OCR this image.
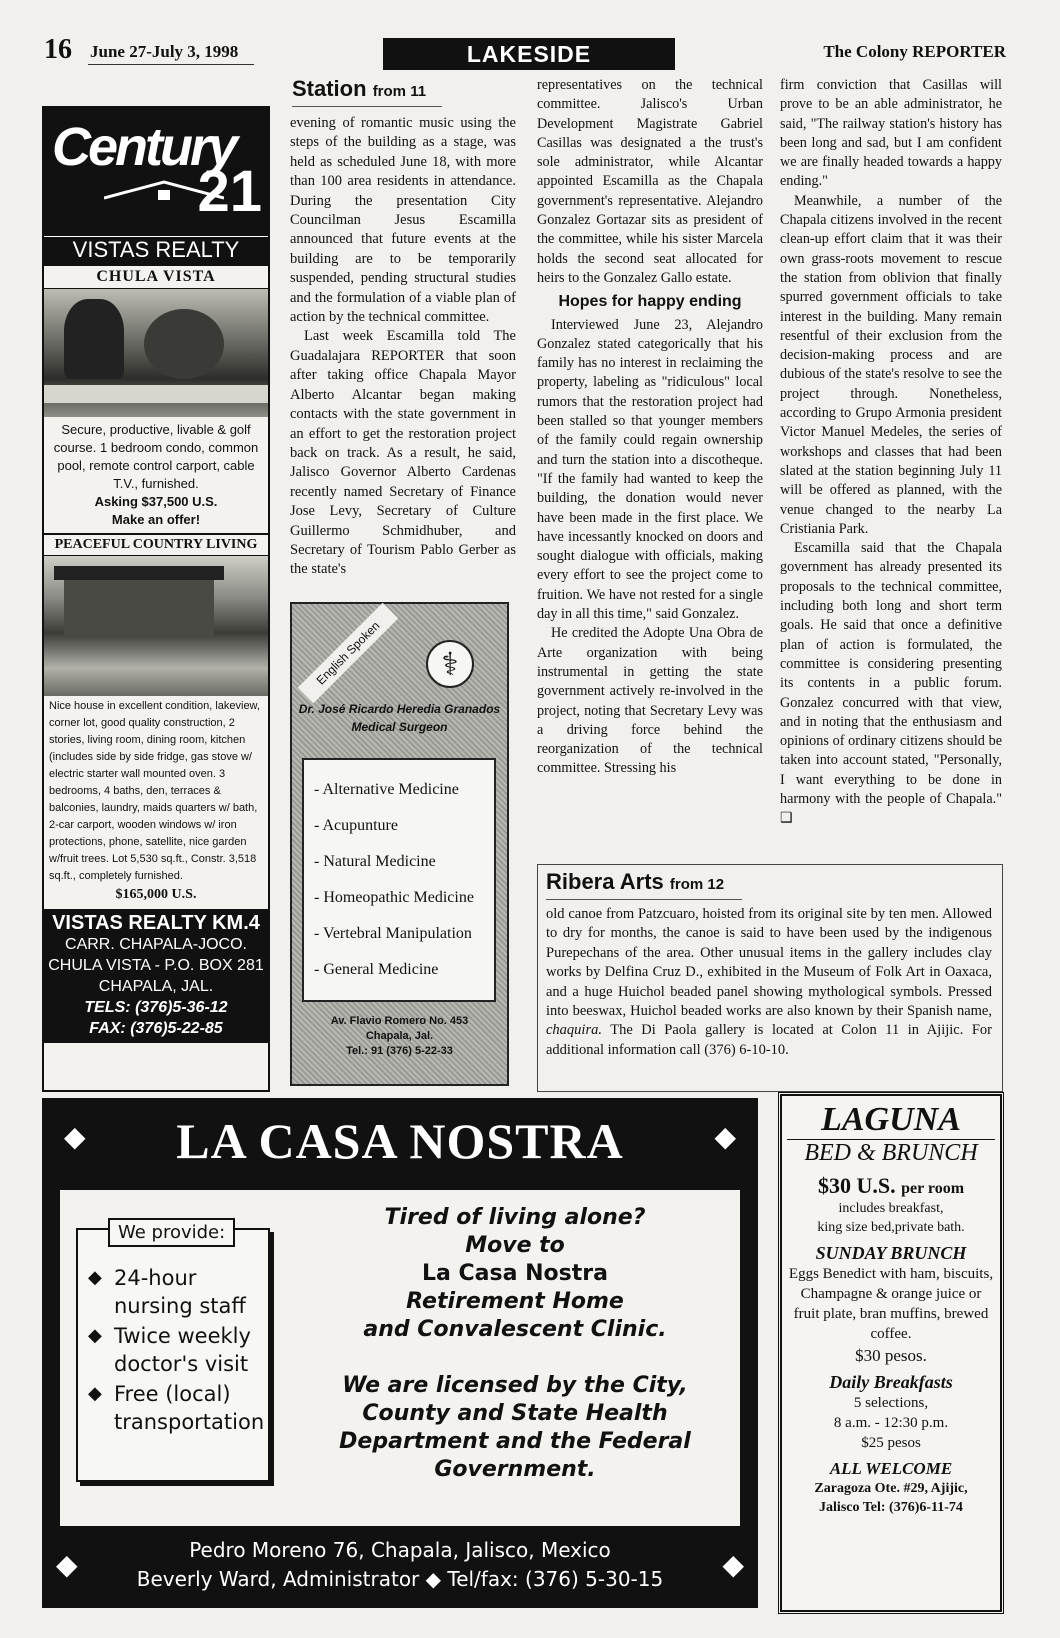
16 June 27-July 3, 1998	LAKESIDE	The Colony REPORTER
Century
21
VISTAS REALTY
CHULA VISTA
Secure, productive, livable & golf course. 1 bedroom condo, common pool, remote control carport, cable T.V., furnished.
Asking $37,500 U.S.
Make an offer!
PEACEFUL COUNTRY LIVING
Nice house in excellent condition, lakeview, corner lot, good quality construction, 2 stories, living room, dining room, kitchen (includes side by side fridge, gas stove w/ electric starter wall mounted oven. 3 bedrooms, 4 baths, den, terraces & balconies, laundry, maids quarters w/ bath, 2-car carport, wooden windows w/ iron protections, phone, satellite, nice garden w/fruit trees. Lot 5,530 sq.ft., Constr. 3,518 sq.ft., completely furnished.
$165,000 U.S.
VISTAS REALTY KM.4
CARR. CHAPALA-JOCO.
CHULA VISTA - P.O. BOX 281
CHAPALA, JAL.
TELS: (376)5-36-12
FAX: (376)5-22-85
Station from 11

evening of romantic music using the steps of the building as a stage, was held as scheduled June 18, with more than 100 area residents in attendance. During the presentation City Councilman Jesus Escamilla announced that future events at the building are to be temporarily suspended, pending structural studies and the formulation of a viable plan of action by the technical committee.

Last week Escamilla told The Guadalajara REPORTER that soon after taking office Chapala Mayor Alberto Alcantar began making contacts with the state government in an effort to get the restoration project back on track. As a result, he said, Jalisco Governor Alberto Cardenas recently named Secretary of Finance Jose Levy, Secretary of Culture Guillermo Schmidhuber, and Secretary of Tourism Pablo Gerber as the state's

English Spoken	⚕
Dr. José Ricardo Heredia Granados
Medical Surgeon
- Alternative Medicine
- Acupunture
- Natural Medicine
- Homeopathic Medicine
- Vertebral Manipulation
- General Medicine
Av. Flavio Romero No. 453
Chapala, Jal.
Tel.: 91 (376) 5-22-33

representatives on the technical committee. Jalisco's Urban Development Magistrate Gabriel Casillas was designated a the trust's sole administrator, while Alcantar appointed Escamilla as the Chapala government's representative. Alejandro Gonzalez Gortazar sits as president of the committee, while his sister Marcela holds the second seat allocated for heirs to the Gonzalez Gallo estate.

Hopes for happy ending

Interviewed June 23, Alejandro Gonzalez stated categorically that his family has no interest in reclaiming the property, labeling as "ridiculous" local rumors that the restoration project had been stalled so that younger members of the family could regain ownership and turn the station into a discotheque. "If the family had wanted to keep the building, the donation would never have been made in the first place. We have incessantly knocked on doors and sought dialogue with officials, making every effort to see the project come to fruition. We have not rested for a single day in all this time," said Gonzalez.

He credited the Adopte Una Obra de Arte organization with being instrumental in getting the state government actively re-involved in the project, noting that Secretary Levy was a driving force behind the reorganization of the technical committee. Stressing his

firm conviction that Casillas will prove to be an able administrator, he said, "The railway station's history has been long and sad, but I am confident we are finally headed towards a happy ending."

Meanwhile, a number of the Chapala citizens involved in the recent clean-up effort claim that it was their own grass-roots movement to rescue the station from oblivion that finally spurred government officials to take interest in the building. Many remain resentful of their exclusion from the decision-making process and are dubious of the state's resolve to see the project through. Nonetheless, according to Grupo Armonia president Victor Manuel Medeles, the series of workshops and classes that had been slated at the station beginning July 11 will be offered as planned, with the venue changed to the nearby La Cristiania Park.

Escamilla said that the Chapala government has already presented its proposals to the technical committee, including both long and short term goals. He said that once a definitive plan of action is formulated, the committee is considering presenting its contents in a public forum. Gonzalez concurred with that view, and in noting that the enthusiasm and opinions of ordinary citizens should be taken into account stated, "Personally, I want everything to be done in harmony with the people of Chapala." ❑

Ribera Arts from 12
old canoe from Patzcuaro, hoisted from its original site by ten men. Allowed to dry for months, the canoe is said to have been used by the indigenous Purepechans of the area. Other unusual items in the gallery includes clay works by Delfina Cruz D., exhibited in the Museum of Folk Art in Oaxaca, and a huge Huichol beaded panel showing mythological symbols. Pressed into beeswax, Huichol beaded works are also known by their Spanish name, chaquira. The Di Paola gallery is located at Colon 11 in Ajijic. For additional information call (376) 6-10-10.
◆	LA CASA NOSTRA	◆
We provide:
◆ 24-hour nursing staff
◆ Twice weekly doctor's visit
◆ Free (local) transportation
Tired of living alone?
Move to
La Casa Nostra
Retirement Home
and Convalescent Clinic.
We are licensed by the City, County and State Health Department and the Federal Government.
◆	Pedro Moreno 76, Chapala, Jalisco, Mexico
Beverly Ward, Administrator ◆ Tel/fax: (376) 5-30-15	◆
LAGUNA
BED & BRUNCH
$30 U.S. per room
includes breakfast,
king size bed,private bath.
SUNDAY BRUNCH
Eggs Benedict with ham, biscuits, Champagne & orange juice or fruit plate, bran muffins, brewed coffee.
$30 pesos.
Daily Breakfasts
5 selections,
8 a.m. - 12:30 p.m.
$25 pesos
ALL WELCOME
Zaragoza Ote. #29, Ajijic,
Jalisco Tel: (376)6-11-74
